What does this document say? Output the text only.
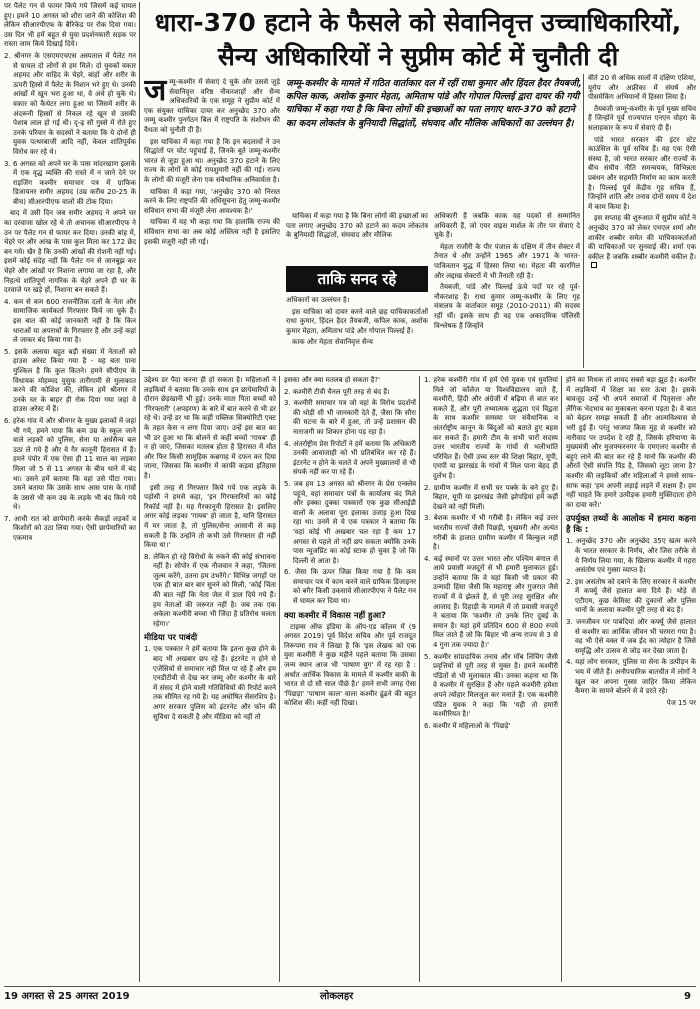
धारा-370 हटाने के फैसले को सेवानिवृत्त उच्चाधिकारियों,
सैन्य अधिकारियों ने सुप्रीम कोर्ट में चुनौती दी

पर पैलेट गन से फायर किये गये जिसमें कई घायल हुए। हमने 10 अगस्त को शौरा जाने की कोशिश की लेकिन सीआरपीएफ के बैरिकेड पर रोक दिया गया। उस दिन भी हमें बहुत से युवा प्रदर्शनकारी सड़क पर रास्ता जाम किये दिखाई दिये।

2. श्रीनगर के एसएमएचएस अस्पताल में पैलेट गन से घायल दो लोगों से हम मिले। दो युवकों वकार अहमद और वाहिद के चेहरे, बांहों और शरीर के ऊपरी हिस्से में पैलेट के निशान भरे हुए थे। उनकी आंखों में खून भरा हुआ था, वे अंधे हो चुके थे। वकार को कैथेटर लगा हुआ था जिसमें शरीर के अंदरूनी हिस्सों से निकल रहे खून से उसकी पेशाब लाल हो गई थी। दृ-ढ़ सौ गुस्से में रोते हुए उनके परिवार के सदस्यों ने बताया कि ये दोनों ही युवक पत्थरबाजी आदि नहीं, केवल शांतिपूर्वक विरोध कर रहे थे।
3. 6 अगस्त को अपने घर के पास मांदरखाण इलाके में एक वृद्ध व्यक्ति की रास्ते में न जाने देने पर राइजिंग कश्मीर समाचार पत्र में ग्राफिक डिजायनर समीर अहमद (उम्र करीब 20-25 के बीच) सीआरपीएफ वालों की टोक दिया।

बाद में उसी दिन जब समीर अहमद ने अपने घर का दरवाजा खोल रहे थे तो अचानक सीआरपीएफ ने उन पर पैलेट गन से फायर कर दिया। उनकी बांह में, चेहरे पर और आंख के पास कुल मिला कर 172 छेद बन गये। खैर है कि उनकी आंखों की रोशनी नहीं गई। इसमें कोई संदेह नहीं कि पैलेट गन से जानबूझ कर चेहरे और आंखों पर निशाना लगाया जा रहा है, और निहत्थे शांतिपूर्ण नागरिक के चेहरे अपने ही घर के दरवाजे पर खड़े हों, निशाना बन सकते हैं।

4. कम से कम 600 राजनीतिक दलों के नेता और सामाजिक कार्यकर्ता गिरफ्तार किये जा चुके हैं। इस बात की कोई जानकारी नहीं है कि किन धाराओं या अपराधों के गिरफ्तार हैं और उन्हें कहां ले जाकर बंद किया गया है।
5. इसके अलावा बहुत बड़ी संख्या में नेताओं को हाउस अरेस्ट किया गया है - यह बता पाना मुश्किल है कि कुल कितने। हमने सीपीएम के विधायक मोहम्मद युसुफ तारीगामी से मुलाकात करने की कोशिश की, लेकिन हमें श्रीनगर में उनके घर के बाहर ही रोक दिया गया जहां वे हाउस अरेस्ट में हैं।
6. हरेक गांव में और श्रीनगर के मुख्य इलाकों में जहां भी गये, हमने पाया कि कम उम्र के स्कूल जाने वाले लड़कों को पुलिस, सेना या अर्धसैन्य बल उठा ले गये हैं और वे गैर कानूनी हिरासत में हैं। हमने पंपोर में एक ऐसा ही 11 साल का लड़का मिला जो 5 से 11 अगस्त के बीच थाने में बंद था। उसने हमें बताया कि वहां उसे पीटा गया। उसने बताया कि उसके साथ आस पास के गांवों के उससे भी कम उम्र के लड़के भी बंद किये गये थे।
7. आधी रात को छापेमारी करके सैकड़ों लड़कों व किशोरों को उठा लिया गया। ऐसी छापेमारियों का एकमात्र

जम्मू-कश्मीर में सेवाएं दे चुके और उससे जुड़े सेवानिवृत्त वरिष्ठ नौकरशाहों और सैन्य अधिकारियों के एक समूह ने सुप्रीम कोर्ट में एक संयुक्त याचिका दायर कर अनुच्छेद 370 और जम्मू कश्मीर पुनर्गठन बिल में राष्ट्रपति के संशोधन की वैधता को चुनौती दी है।

इस याचिका में कहा गया है कि इन बदलावों ने उन सिद्धांतों पर चोट पहुंचाई है, जिनके बूते जम्मू-कश्मीर भारत से जुड़ा हुआ था। अनुच्छेद 370 हटाने के लिए राज्य के लोगों से कोई रायशुमारी नहीं की गई। राज्य के लोगों की मंजूरी लेना एक संवैधानिक अनिवार्यता है।

याचिका में कहा गया, 'अनुच्छेद 370 को निरस्त करने के लिए राष्ट्रपति की अधिसूचना हेतु जम्मू-कश्मीर संविधान सभा की मंजूरी लेना आवश्यक है।'

याचिका में यह भी कहा गया कि हालांकि राज्य की संविधान सभा का अब कोई अस्तित्व नहीं है इसलिए इसकी मंजूरी नहीं ली गई।

जम्मू-कश्मीर के मामले में गठित वार्ताकार दल में रहीं राधा कुमार और हिंदल हैदर तैयबजी, कपिल काक, अशोक कुमार मेहता, अमिताभ पांडे और गोपाल पिल्लई द्वारा दायर की गयी याचिका में कहा गया है कि बिना लोगों की इच्छाओं का पता लगाए धारा-370 को हटाने का कदम लोकतंत्र के बुनियादी सिद्धांतों, संघवाद और मौलिक अधिकारों का उल्लंघन है।

याचिका में कहा गया है कि बिना लोगों की इच्छाओं का पता लगाए अनुच्छेद 370 को हटाने का कदम लोकतंत्र के बुनियादी सिद्धांतों, संघवाद और मौलिक

ताकि सनद रहे

अधिकारों का उल्लंघन है।

इस याचिका को दायर करने वाले छह याचिकाकर्ताओं राधा कुमार, हिंदल हैदर तैयबजी, कपिल काक, अशोक कुमार मेहता, अमिताभ पांडे और गोपाल पिल्लई हैं।

काक और मेहता सेवानिवृत्त सैन्य

अधिकारी हैं जबकि काक वह पदकों से सम्मानित अधिकारी हैं, जो एयर वाइस मार्शल के तौर पर सेवाएं दे चुके हैं।

मेहता राजौरी के पीर पंजाल के दक्षिण में तीन सेक्टर में तैनात थे और उन्होंने 1965 और 1971 के भारत-पाकिस्तान युद्ध में हिस्सा लिया था। मेहता की कारगिल और लद्दाख सेक्टरों में भी तैनाती रही है।

तैयबजी, पांडे और पिल्लई ऊंचे पदों पर रहे पूर्व-नौकरशाह हैं। राधा कुमार जम्मू-कश्मीर के लिए गृह मंत्रालय के वार्ताकार समूह (2010-2011) की सदस्य रहीं थीं। इसके साथ ही वह एक अकादमिक पॉलिसी विश्लेषक हैं जिन्होंने

बीते 20 से अधिक सालों में दक्षिण एशिया, यूरोप और अफ्रीका में संघर्ष और पीसमेकिंग अभियानों में हिस्सा लिया है।

तैयबजी जम्मू-कश्मीर के पूर्व मुख्य सचिव हैं जिन्होंने पूर्व राज्यपाल एनएन वोहरा के सलाहकार के रूप में सेवाएं दी हैं।

पांडे भारत सरकार की इंटर स्टेट काउंसिल के पूर्व सचिव हैं। वह एक ऐसी संस्था है, जो भारत सरकार और राज्यों के बीच संघीय नीति समन्वयक, विभिन्नता प्रबंधन और सहमति निर्माण का काम करती है। पिल्लई पूर्व केंद्रीय गृह सचिव हैं, जिन्होंने शांति और तनाव दोनों समय में देश में काम किया है।

इस सप्ताह की शुरुआत में सुप्रीम कोर्ट ने अनुच्छेद 370 को लेकर एमएल शर्मा और शाकीर शब्बीर समेत की याचिकाकर्ताओं की याचिकाओं पर सुनवाई की। शर्मा एक वकील हैं जबकि शब्बीर कश्मीरी वकील हैं।

उद्देश्य डर पैदा करना ही हो सकता है। महिलाओं ने लड़कियों ने बताया कि उनके साथ इन छापेमारियों के दौरान छेड़खानी भी हुई। उनके माता पिता बच्चों को 'गिरफ्तारी' (अपहरण) के बारे में बात करने से भी डर रहे थे। उन्हें डर था कि कहीं पब्लिक सिक्योरिटी एक्ट के तहत केस न लगा दिया जाए। उन्हें इस बात का भी डर हुआ था कि बोलने से कहीं बच्चों 'गायब' ही न हो जाएं, जिसका मतलब होता है हिरासत में मौत और फिर किसी सामूहिक कब्रगाह में दफन कर दिया जाना, जिसका कि कश्मीर में काफी कड़वा इतिहास है।

इसी तरह से गिरफ्तार किये गये एक लड़के के पड़ोसी ने हमसे कहा, 'इन गिरफ्तारियों का कोई रिकॉर्ड नहीं है। यह गैरकानूनी हिरासत है। इसलिए अगर कोई लड़का 'गायब' हो जाता है, यानि हिरासत में मर जाता है, तो पुलिस/सेना आसानी से कह सकती है कि उन्होंने तो कभी उसे गिरफ्तार ही नहीं किया था।'

8. लेकिन हो रहे विरोधों के रुकने की कोई संभावना नहीं है। सोपोर में एक नौजवान ने कहा, 'जितना जुल्म करेंगे, उतना हम उभरेंगे।' विभिन्न जगहों पर एक ही बात बार बार सुनने को मिली, 'कोई चिंता की बात नहीं कि नेता जेल में डाल दिये गये हैं। हम नेताओं की जरूरत नहीं है। जब तक एक अकेला कश्मीरी बच्चा भी जिंदा है प्रतिरोध चलता रहेगा।'
मीडिया पर पाबंदी
1. एक पत्रकार ने हमें बताया कि इतना कुछ होने के बाद भी अखबार छप रहे हैं। इंटरनेट न होने से एजेंसियों से समाचार नहीं मिल पा रहे हैं और हम एनडीटीवी से देख कर जम्मू और कश्मीर के बारे में संसद में होने वाली गतिविधियों की रिपोर्ट करने तक सीमित रह गये हैं। यह अघोषित सेंसरशिप है। अगर सरकार पुलिस को इंटरनेट और फोन की सुविधा दे सकती है और मीडिया को नहीं तो

इसका और क्या मतलब हो सकता है?'

2. कश्मीरी टीवी चैनल पूरी तरह से बंद हैं।
3. कश्मीरी समाचार पत्र जो वहां के विरोध प्रदर्शनों की थोड़ी सी भी जानकारी देते हैं, जैसा कि सौरा की घटना के बारे में हुआ, तो उन्हें प्रशासन की नाराजगी का शिकार होना पड़ रहा है।
4. अंतर्राष्ट्रीय प्रेस रिपोर्टों ने हमें बताया कि अधिकारी उनकी आवाजाही को भी प्रतिबंधित कर रहे हैं। इंटरनेट न होने के चलते वे अपने मुख्यालयों से भी संपर्क नहीं कर पा रहे हैं।
5. जब हम 13 अगस्त को श्रीनगर के प्रेस एन्क्लेव पहुंचे, वहां समाचार पत्रों के कार्यालय बंद मिले और इक्का दुक्का पत्रकारों एक कुछ सीआईडी वालों के अलावा पूरा इलाका उजाड़ हुआ दिख रहा था। उनमें से ये एक पत्रकार ने बताया कि 'वहां कोई भी अखबार चल रहा है कम 17 अगस्त से पहले तो नहीं छप सकता क्योंकि उनके पास न्यूजप्रिंट का कोई स्टाक हो चुका है जो कि दिल्ली से आता है।
6. जैसा कि ऊपर जिक्र किया गया है कि कम समाचार पत्र में काम करने वाले ग्राफिक डिजाइनर को बगैर किसी उकसावे सीआरपीएफ ने पैलेट गन से घायल कर दिया था।
क्या कश्मीर में विकास नहीं हुआ?

टाइम्स ऑफ इंडिया के ऑप-एड कॉलम में (9 अगस्त 2019) पूर्व विदेश सचिव और पूर्व राजदूत निरूपमा राव ने लिखा है कि 'इस लेखक को एक युवा कश्मीरी ने कुछ महीने पहले बताया कि उसका जन्म स्थान आज भी 'पाषाण युग' में रह रहा है : अर्थात आर्थिक विकास के मामले में कश्मीर बाकी के भारत से दो सौ साल पीछे है।' हमने सभी जगह ऐसा 'पिछड़ा' 'पाषाण काल' वाला कश्मीर ढूंढ़ने की बहुत कोशिश की। कहीं नहीं दिखा।

1. हरेक कश्मीरी गांव में हमें ऐसे युवक एवं युवतियां मिले जो कॉलेज या विश्वविद्यालय जाते हैं, कश्मीरी, हिंदी और अंग्रेजी में बढ़िया से बात कर सकते हैं, और पूरी तथ्यात्मक शुद्धता एवं विद्वता के साथ कश्मीर समस्या पर संवैधानिक व अंतर्राष्ट्रीय कानून के बिंदुओं को बताते हुए बहस कर सकते हैं। हमारी टीम के सभी चारों सदस्य उत्तर भारतीय राज्यों के गांवों से भलीभांति परिचित हैं। ऐसी उच्च स्तर की शिक्षा बिहार, यूपी, एमपी या झारखंड के गांवों में मिल पाना बेहद ही दुर्लभ है।
2. ग्रामीण कश्मीर में सभी घर पक्के के बने हुए हैं। बिहार, यूपी या झारखंड जैसी झोपड़ियां हमें कहीं देखने को नहीं मिलीं।
3. बेशक कश्मीर में भी गरीबी है। लेकिन कई उत्तर भारतीय राज्यों जैसी पिछड़ी, भुखमरी और अत्यंत गरीबी के हालात ग्रामीण कश्मीर में बिल्कुल नहीं है।
4. कई स्थानों पर उत्तर भारत और पश्चिम बंगाल से आये प्रवासी मजदूरों से भी हमारी मुलाकात हुई। उन्होंने बताया कि वे यहां किसी भी प्रकार की उन्मादी हिंसा जैसी कि महाराष्ट्र और गुजरात जैसे राज्यों में वे झेलते हैं, से पूरी तरह सुरक्षित और आजाद हैं। दिहाड़ी के मामले में तो प्रवासी मजदूरों ने बताया कि 'कश्मीर तो उनके लिए दुबई के समान है। यहां हमें प्रतिदिन 600 से 800 रुपये मिल जाते हैं जो कि बिहार भी अन्य राज्य से 3 से 4 गुना तक ज्यादा है।'
5. कश्मीर सांप्रदायिक तनाव और मॉब लिंचिंग जैसी प्रवृत्तियों से पूरी तरह से मुक्त है। हमने कश्मीरी पंडितों से भी मुलाकात की। उनका कहना था कि वे कश्मीर में सुरक्षित हैं और पहले कश्मीरी हमेशा अपने त्योहार मिलजुल कर मनाते हैं। एक कश्मीरी पंडित युवक ने कहा कि 'यही तो हमारी कश्मीरियत है।'
6. कश्मीर में महिलाओं के 'पिछड़े'

होने का मिथक तो शायद सबसे बड़ा झूठ है। कश्मीर में लड़कियों में शिक्षा का स्तर ऊंचा है। इसके बावजूद उन्हें भी अपने समाजों में पितृसत्ता और लैंगिक भेदभाव का मुकाबला करना पड़ता है। वे बात को बेहतर समझ सकती हैं और आत्मविश्वास से भरी हुई हैं। परंतु भाजपा किस मुंह से कश्मीर को नारीवाद पर उपदेश दे रही है, जिसके हरियाणा के मुख्यमंत्री और मुजफ्फरनगर के एमएलए कश्मीर से बहुएं लाने की बात कर रहे हैं मानो कि कश्मीर की औरतें ऐसी संपत्ति पिंड है, जिसको लूटा जाना है? कश्मीर की लड़कियों और महिलाओं ने हमसे साफ-साफ कहा 'हम अपनी लड़ाई लड़ने में सक्षम हैं। हम नहीं चाहते कि हमारे उत्पीड़क हमारी मुक्तिदाता होने का दावा करें।'

उपर्युक्त तथ्यों के आलोक में हमारा कहना है कि :
1. अनुच्छेद 370 और अनुच्छेद 35ए खत्म करने के भारत सरकार के निर्णय, और जिस तरीके से ये निर्णय लिया गया, के खिलाफ कश्मीर में गहरा असंतोष एवं गुस्सा व्याप्त है।
2. इस असंतोष को दबाने के लिए सरकार ने कश्मीर में कर्फ्यू जैसे हालात बना दिये हैं। थोड़े से एटीएम, कुछ केमिस्ट की दुकानों और पुलिस थानों के अलावा कश्मीर पूरी तरह से बंद है।
3. जनजीवन पर पाबंदियां और कर्फ्यू जैसे हालात से कश्मीर का आर्थिक जीवन भी चरमरा गया है। वह भी ऐसे वक्त में जब ईद का त्योहार है जिसे समृद्धि और उत्सव से जोड़ कर देखा जाता है।
4. यहां लोग सरकार, पुलिस या सेना के उत्पीड़न के भय में जीते हैं। अनौपचारिक बातचीत में लोगों ने खुल कर अपना गुस्सा जाहिर किया लेकिन कैमरा के सामने बोलने से वे डरते रहे।

पेज 15 पर

19 अगस्त से 25 अगस्त 2019	लोकलहर	9
